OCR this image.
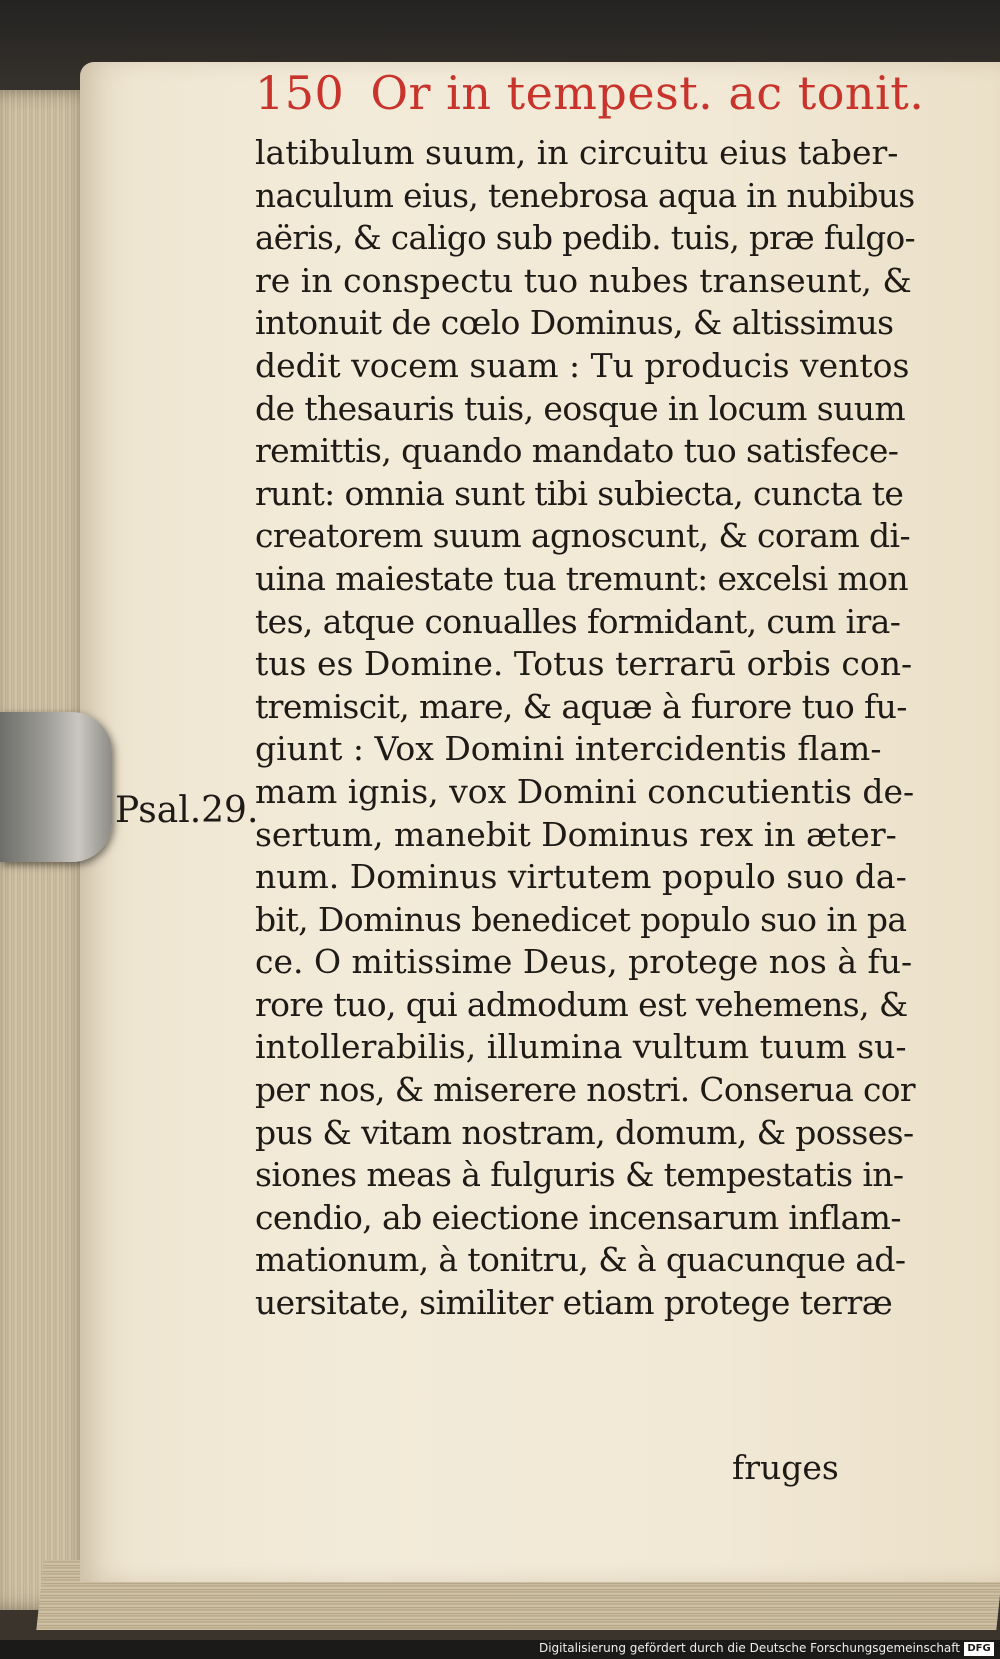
150 Or in tempest. ac tonit.
Psal.29.
latibulum suum, in circuitu eius taber-
naculum eius, tenebrosa aqua in nubibus
aëris, & caligo sub pedib. tuis, præ fulgo-
re in conspectu tuo nubes transeunt, &
intonuit de cœlo Dominus, & altissimus
dedit vocem suam : Tu producis ventos
de thesauris tuis, eosque in locum suum
remittis, quando mandato tuo satisfece-
runt: omnia sunt tibi subiecta, cuncta te
creatorem suum agnoscunt, & coram di-
uina maiestate tua tremunt: excelsi mon
tes, atque conualles formidant, cum ira-
tus es Domine. Totus terrarū orbis con-
tremiscit, mare, & aquæ à furore tuo fu-
giunt : Vox Domini intercidentis flam-
mam ignis, vox Domini concutientis de-
sertum, manebit Dominus rex in æter-
num. Dominus virtutem populo suo da-
bit, Dominus benedicet populo suo in pa
ce. O mitissime Deus, protege nos à fu-
rore tuo, qui admodum est vehemens, &
intollerabilis, illumina vultum tuum su-
per nos, & miserere nostri. Conserua cor
pus & vitam nostram, domum, & posses-
siones meas à fulguris & tempestatis in-
cendio, ab eiectione incensarum inflam-
mationum, à tonitru, & à quacunque ad-
uersitate, similiter etiam protege terræ
fruges
Digitalisierung gefördert durch die Deutsche Forschungsgemeinschaft DFG
